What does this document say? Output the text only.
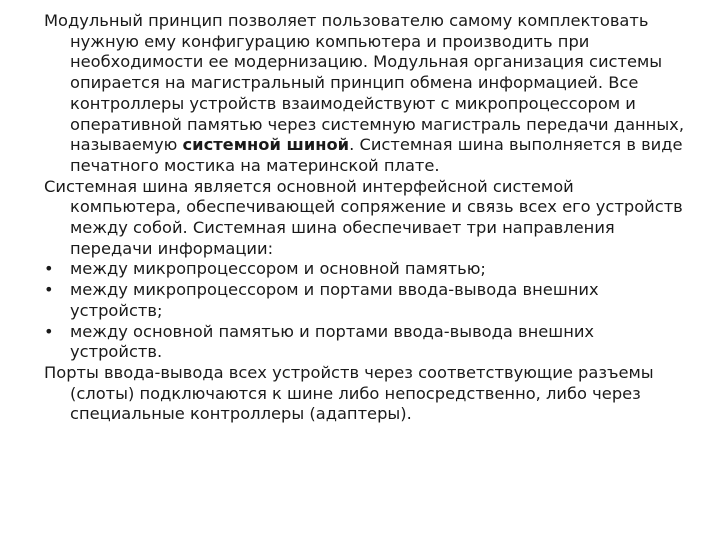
Модульный принцип позволяет пользователю самому комплектовать нужную ему конфигурацию компьютера и производить при необходимости ее модернизацию. Модульная организация системы опирается на магистральный принцип обмена информацией. Все контроллеры устройств взаимодействуют с микропроцессором и оперативной памятью через системную магистраль передачи данных, называемую системной шиной. Системная шина выполняется в виде печатного мостика на материнской плате.

Системная шина является основной интерфейсной системой компьютера, обеспечивающей сопряжение и связь всех его устройств между собой. Системная шина обеспечивает три направления передачи информации:

• между микропроцессором и основной памятью;
• между микропроцессором и портами ввода-вывода внешних устройств;
• между основной памятью и портами ввода-вывода внешних устройств.

Порты ввода-вывода всех устройств через соответствующие разъемы (слоты) подключаются к шине либо непосредственно, либо через специальные контроллеры (адаптеры).
